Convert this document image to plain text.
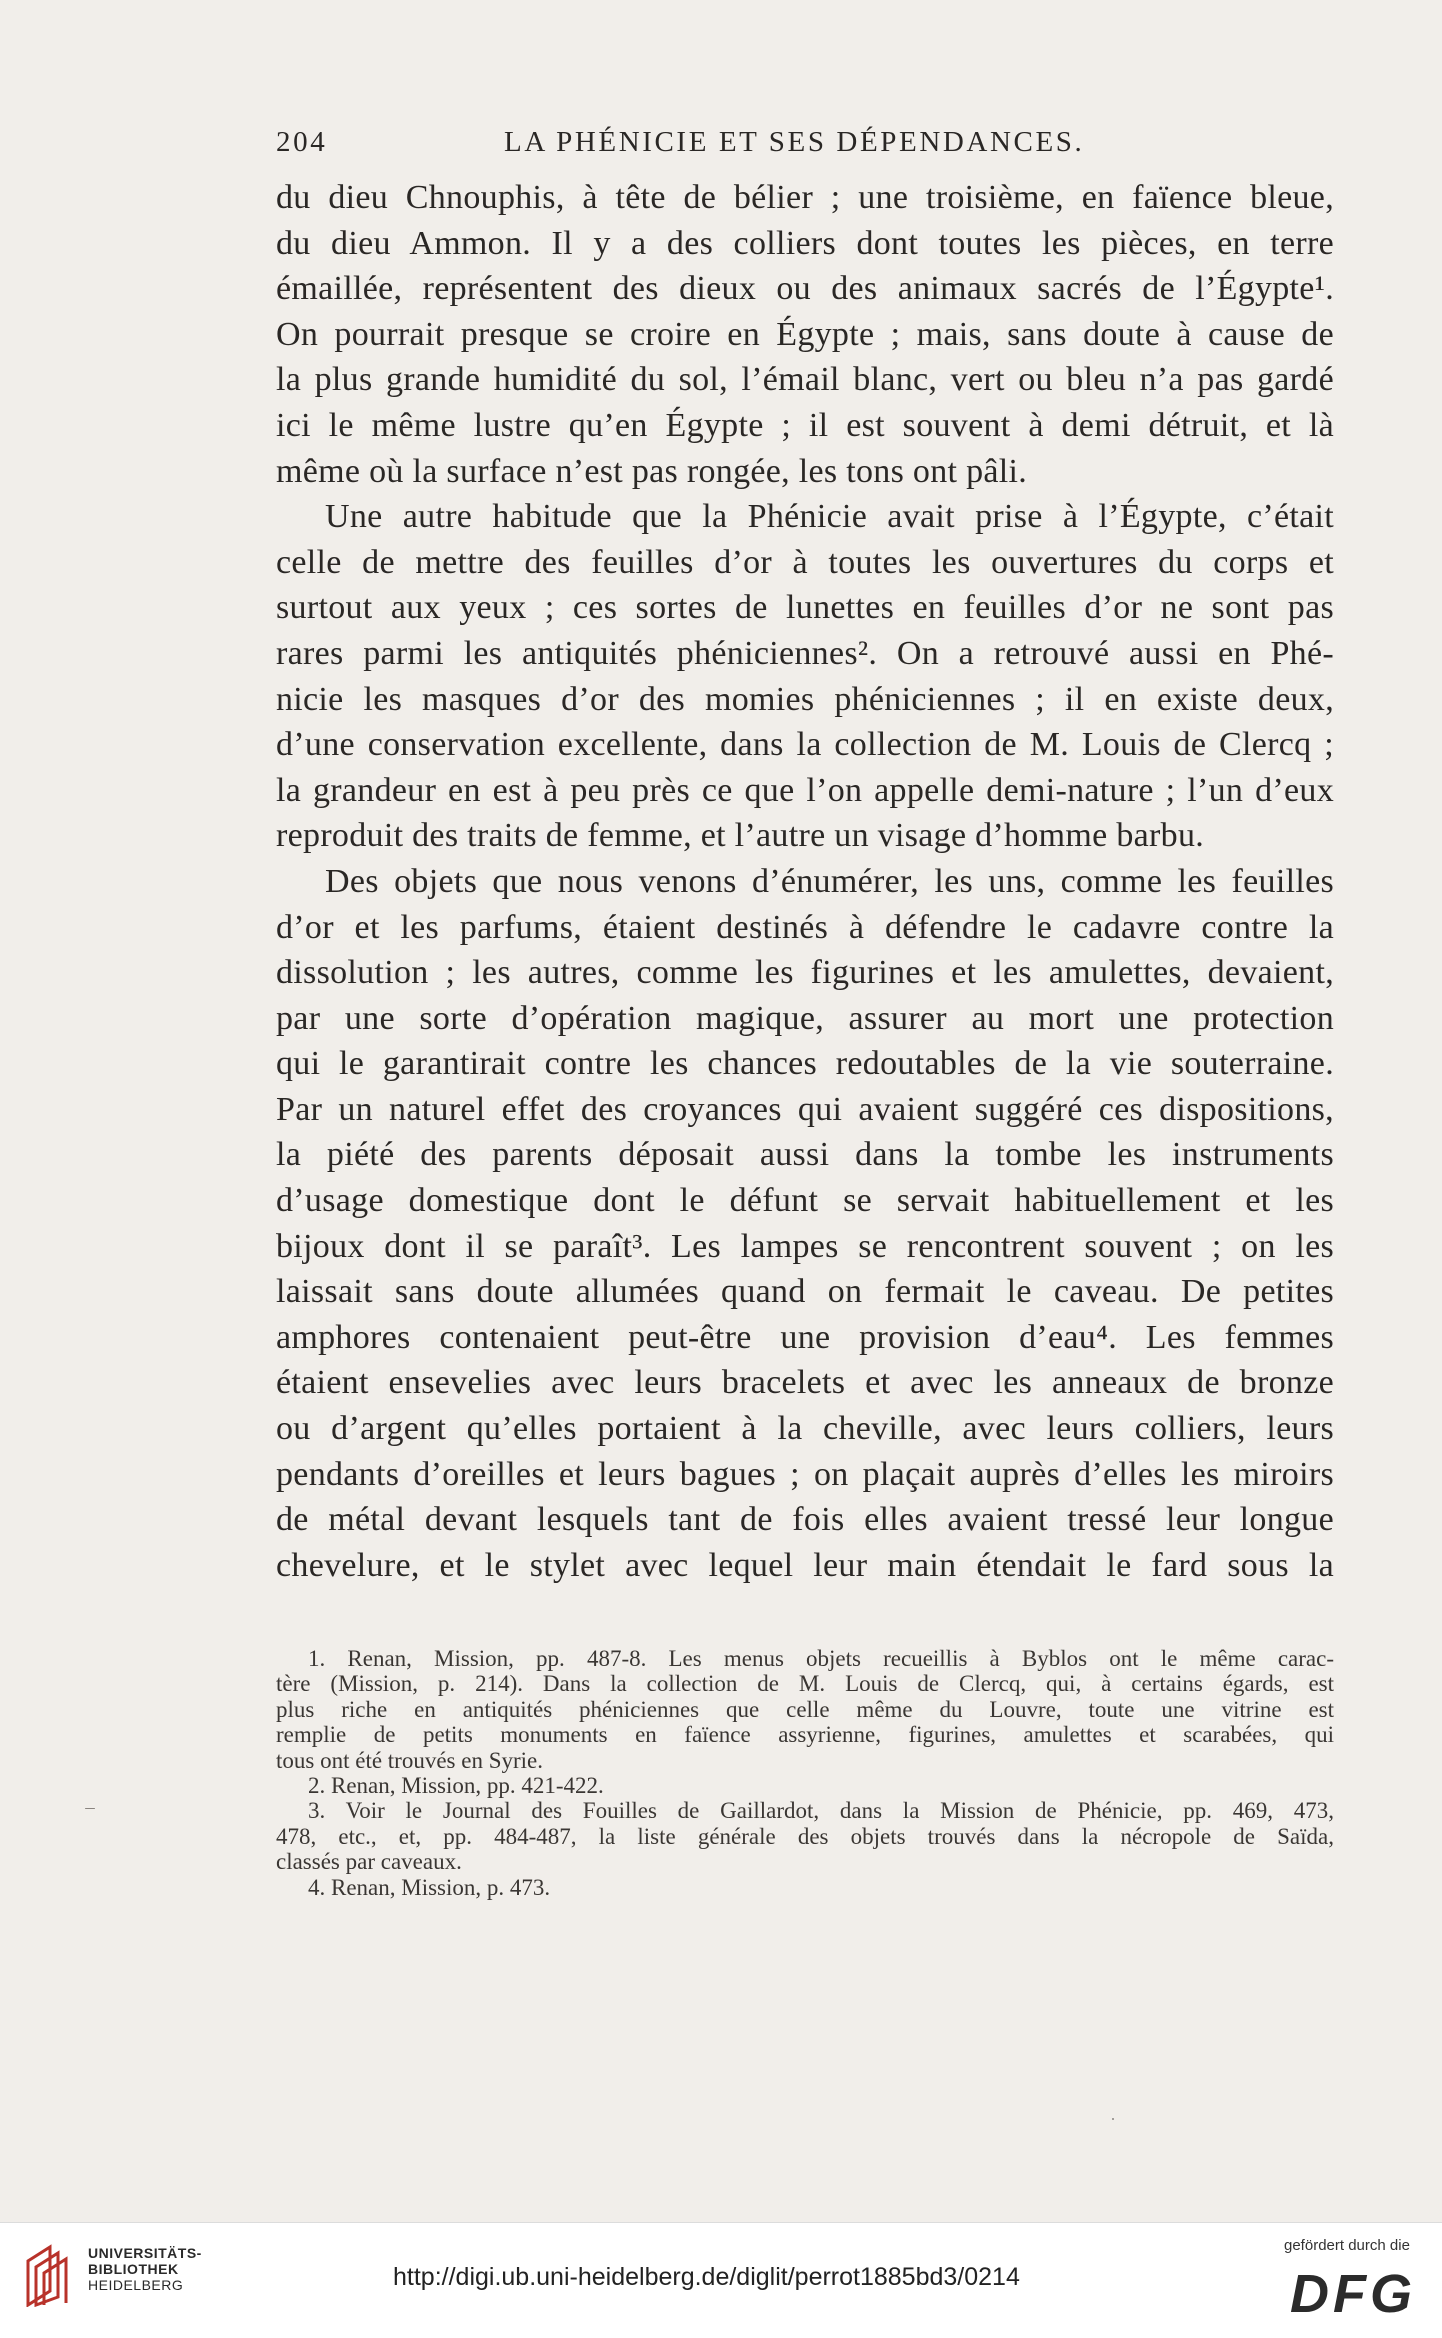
204	LA PHÉNICIE ET SES DÉPENDANCES.
du dieu Chnouphis, à tête de bélier ; une troisième, en faïence bleue,
du dieu Ammon. Il y a des colliers dont toutes les pièces, en terre
émaillée, représentent des dieux ou des animaux sacrés de l’Égypte¹.
On pourrait presque se croire en Égypte ; mais, sans doute à cause de
la plus grande humidité du sol, l’émail blanc, vert ou bleu n’a pas gardé
ici le même lustre qu’en Égypte ; il est souvent à demi détruit, et là
même où la surface n’est pas rongée, les tons ont pâli.
Une autre habitude que la Phénicie avait prise à l’Égypte, c’était
celle de mettre des feuilles d’or à toutes les ouvertures du corps et
surtout aux yeux ; ces sortes de lunettes en feuilles d’or ne sont pas
rares parmi les antiquités phéniciennes². On a retrouvé aussi en Phé-
nicie les masques d’or des momies phéniciennes ; il en existe deux,
d’une conservation excellente, dans la collection de M. Louis de Clercq ;
la grandeur en est à peu près ce que l’on appelle demi-nature ; l’un d’eux
reproduit des traits de femme, et l’autre un visage d’homme barbu.
Des objets que nous venons d’énumérer, les uns, comme les feuilles
d’or et les parfums, étaient destinés à défendre le cadavre contre la
dissolution ; les autres, comme les figurines et les amulettes, devaient,
par une sorte d’opération magique, assurer au mort une protection
qui le garantirait contre les chances redoutables de la vie souterraine.
Par un naturel effet des croyances qui avaient suggéré ces dispositions,
la piété des parents déposait aussi dans la tombe les instruments
d’usage domestique dont le défunt se servait habituellement et les
bijoux dont il se paraît³. Les lampes se rencontrent souvent ; on les
laissait sans doute allumées quand on fermait le caveau. De petites
amphores contenaient peut-être une provision d’eau⁴. Les femmes
étaient ensevelies avec leurs bracelets et avec les anneaux de bronze
ou d’argent qu’elles portaient à la cheville, avec leurs colliers, leurs
pendants d’oreilles et leurs bagues ; on plaçait auprès d’elles les miroirs
de métal devant lesquels tant de fois elles avaient tressé leur longue
chevelure, et le stylet avec lequel leur main étendait le fard sous la
1. Renan, Mission, pp. 487-8. Les menus objets recueillis à Byblos ont le même carac-
tère (Mission, p. 214). Dans la collection de M. Louis de Clercq, qui, à certains égards, est
plus riche en antiquités phéniciennes que celle même du Louvre, toute une vitrine est
remplie de petits monuments en faïence assyrienne, figurines, amulettes et scarabées, qui
tous ont été trouvés en Syrie.
2. Renan, Mission, pp. 421-422.
3. Voir le Journal des Fouilles de Gaillardot, dans la Mission de Phénicie, pp. 469, 473,
478, etc., et, pp. 484-487, la liste générale des objets trouvés dans la nécropole de Saïda,
classés par caveaux.
4. Renan, Mission, p. 473.
UNIVERSITÄTS-
BIBLIOTHEK
HEIDELBERG	http://digi.ub.uni-heidelberg.de/diglit/perrot1885bd3/0214
gefördert durch die
DFG
